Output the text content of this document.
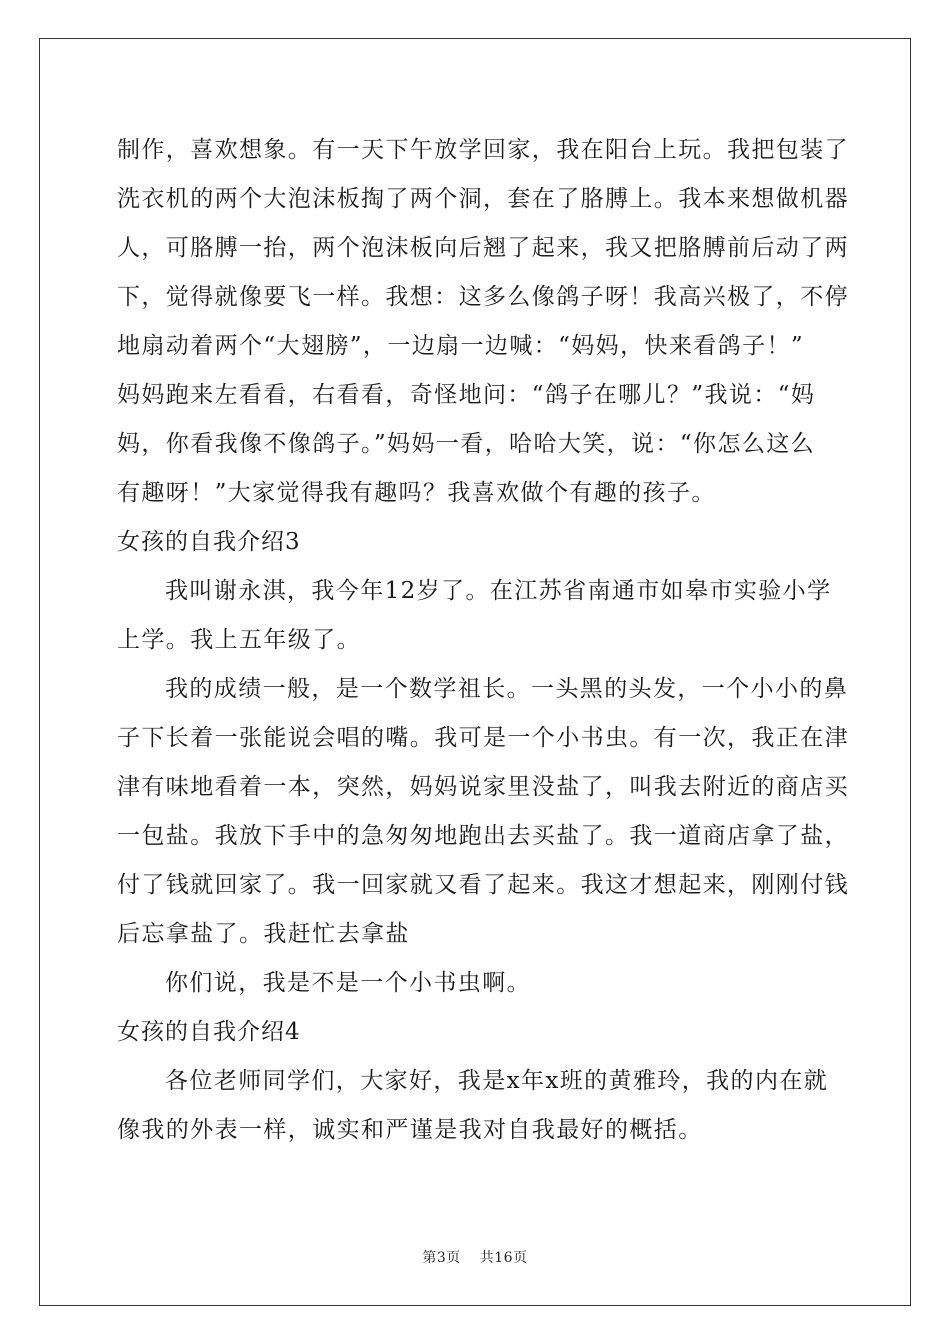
制作，喜欢想象。有一天下午放学回家，我在阳台上玩。我把包装了
洗衣机的两个大泡沫板掏了两个洞，套在了胳膊上。我本来想做机器
人，可胳膊一抬，两个泡沫板向后翘了起来，我又把胳膊前后动了两
下，觉得就像要飞一样。我想：这多么像鸽子呀！我高兴极了，不停
地扇动着两个“大翅膀”，一边扇一边喊：“妈妈，快来看鸽子！”
妈妈跑来左看看，右看看，奇怪地问：“鸽子在哪儿？”我说：“妈
妈，你看我像不像鸽子。”妈妈一看，哈哈大笑，说：“你怎么这么
有趣呀！”大家觉得我有趣吗？我喜欢做个有趣的孩子。
女孩的自我介绍3
我叫谢永淇，我今年12岁了。在江苏省南通市如皋市实验小学
上学。我上五年级了。
我的成绩一般，是一个数学祖长。一头黑的头发，一个小小的鼻
子下长着一张能说会唱的嘴。我可是一个小书虫。有一次，我正在津
津有味地看着一本，突然，妈妈说家里没盐了，叫我去附近的商店买
一包盐。我放下手中的急匆匆地跑出去买盐了。我一道商店拿了盐，
付了钱就回家了。我一回家就又看了起来。我这才想起来，刚刚付钱
后忘拿盐了。我赶忙去拿盐
你们说，我是不是一个小书虫啊。
女孩的自我介绍4
各位老师同学们，大家好，我是x年x班的黄雅玲，我的内在就
像我的外表一样，诚实和严谨是我对自我最好的概括。
第3页 共16页
